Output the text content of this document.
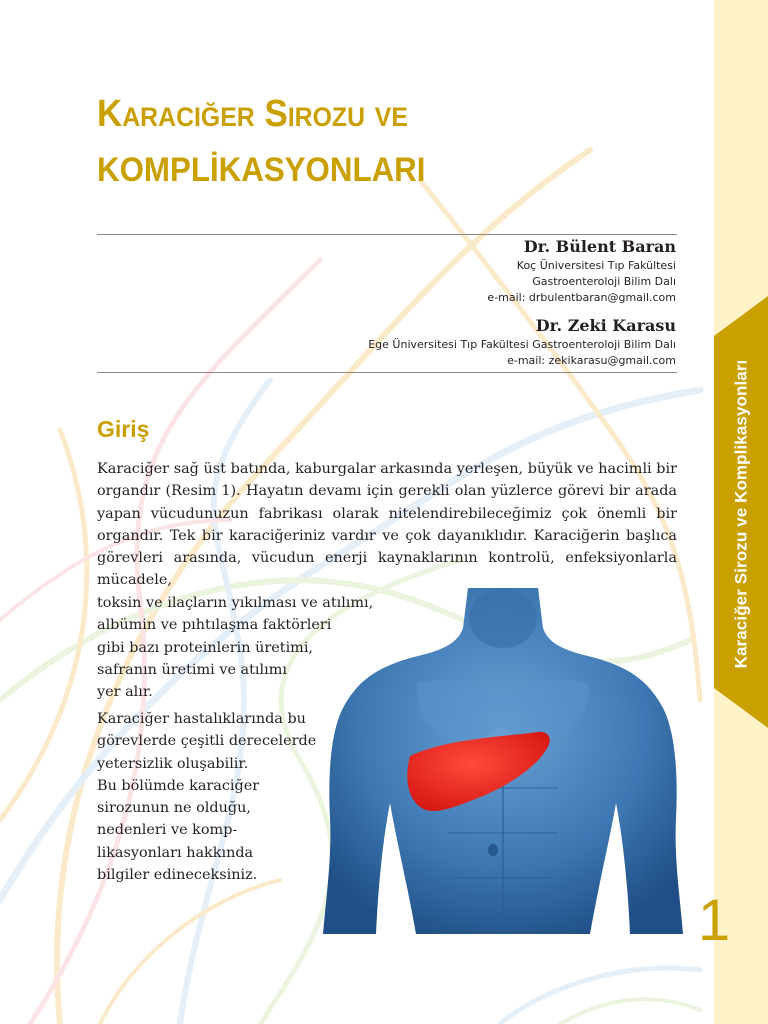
Karaciğer Sirozu ve Komplikasyonları
1
Karaciğer Sirozu ve
KOMPLİKASYONLARI

Dr. Bülent Baran

Koç Üniversitesi Tıp Fakültesi

Gastroenteroloji Bilim Dalı

e-mail: drbulentbaran@gmail.com

Dr. Zeki Karasu

Ege Üniversitesi Tıp Fakültesi Gastroenteroloji Bilim Dalı

e-mail: zekikarasu@gmail.com

Giriş

Karaciğer sağ üst batında, kaburgalar arkasında yerleşen, büyük ve hacimli bir organdır (Resim 1). Hayatın devamı için gerekli olan yüzlerce görevi bir arada yapan vücudunuzun fabrikası olarak nitelendirebileceğimiz çok önemli bir organdır. Tek bir karaciğeriniz vardır ve çok dayanıklıdır. Karaciğerin başlıca görevleri arasında, vücudun enerji kaynaklarının kontrolü, enfeksiyonlarla mücadele,

toksin ve ilaçların yıkılması ve atılımı,
albümin ve pıhtılaşma faktörleri
gibi bazı proteinlerin üretimi,
safranın üretimi ve atılımı
yer alır.

Karaciğer hastalıklarında bu
görevlerde çeşitli derecelerde
yetersizlik oluşabilir.
Bu bölümde karaciğer
sirozunun ne olduğu,
nedenleri ve komp-
likasyonları hakkında
bilgiler edineceksiniz.
